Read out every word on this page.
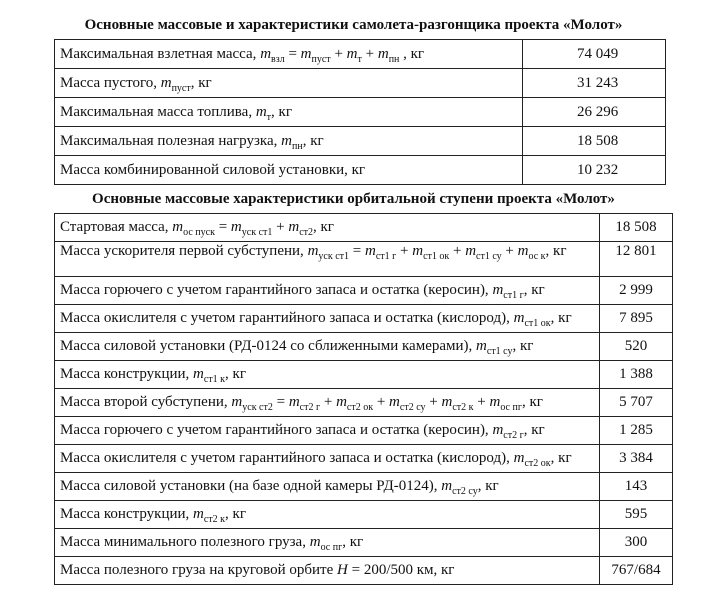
Основные массовые и характеристики самолета-разгонщика проекта «Молот»
Максимальная взлетная масса, $m_{взл} = m_{пуст} + m_т + m_{пн}$ , кг	74 049
Масса пустого, $m_{пуст}$, кг	31 243
Максимальная масса топлива, $m_т$, кг	26 296
Максимальная полезная нагрузка, $m_{пн}$, кг	18 508
Масса комбинированной силовой установки, кг	10 232
Основные массовые характеристики орбитальной ступени проекта «Молот»
Стартовая масса, $m_{ос пуск} = m_{уск ст1} + m_{ст2}$, кг	18 508
Масса ускорителя первой субступени, $m_{уск ст1} = m_{ст1 г} + m_{ст1 ок} + m_{ст1 су} + m_{ос к}$, кг	12 801
Масса горючего с учетом гарантийного запаса и остатка (керосин), $m_{ст1 г}$, кг	2 999
Масса окислителя с учетом гарантийного запаса и остатка (кислород), $m_{ст1 ок}$, кг	7 895
Масса силовой установки (РД-0124 со сближенными камерами), $m_{ст1 су}$, кг	520
Масса конструкции, $m_{ст1 к}$, кг	1 388
Масса второй субступени, $m_{уск ст2} = m_{ст2 г} + m_{ст2 ок} + m_{ст2 су} + m_{ст2 к} + m_{ос пг}$, кг	5 707
Масса горючего с учетом гарантийного запаса и остатка (керосин), $m_{ст2 г}$, кг	1 285
Масса окислителя с учетом гарантийного запаса и остатка (кислород), $m_{ст2 ок}$, кг	3 384
Масса силовой установки (на базе одной камеры РД-0124), $m_{ст2 су}$, кг	143
Масса конструкции, $m_{ст2 к}$, кг	595
Масса минимального полезного груза, $m_{ос пг}$, кг	300
Масса полезного груза на круговой орбите H = 200/500 км, кг	767/684
